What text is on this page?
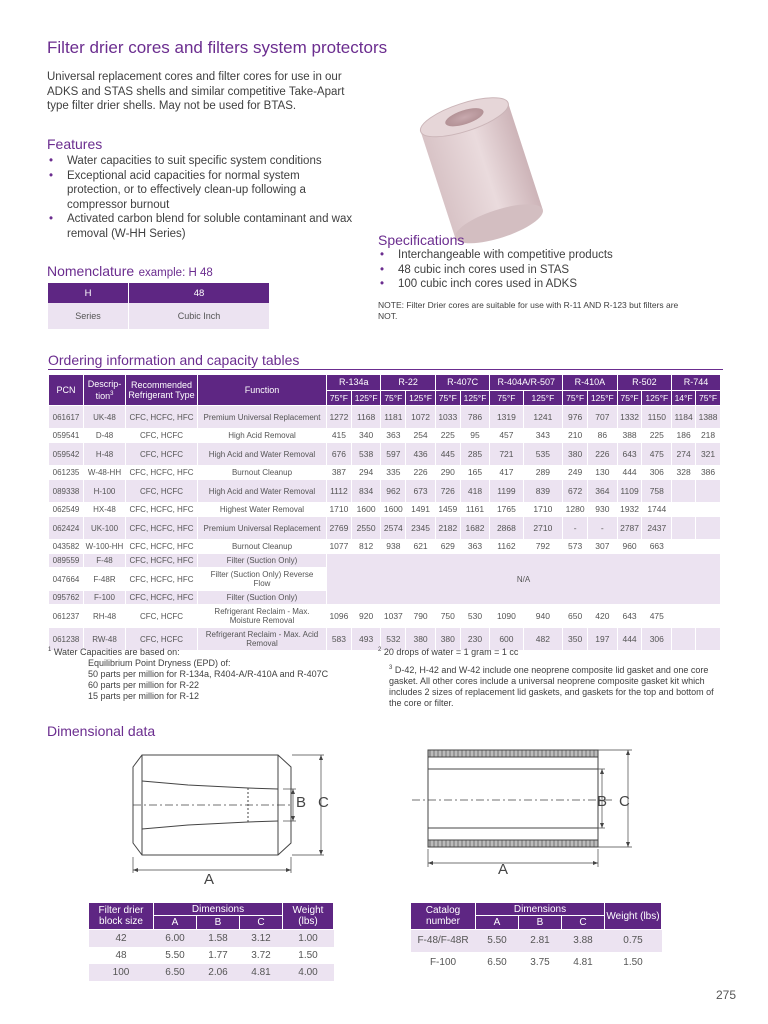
Filter drier cores and filters system protectors
Universal replacement cores and filter cores for use in our ADKS and STAS shells and similar competitive Take-Apart type filter drier shells. May not be used for BTAS.
Features
• Water capacities to suit specific system conditions
• Exceptional acid capacities for normal system protection, or to effectively clean-up following a compressor burnout
• Activated carbon blend for soluble contaminant and wax removal (W-HH Series)	Specifications
• Interchangeable with competitive products
• 48 cubic inch cores used in STAS
• 100 cubic inch cores used in ADKS
NOTE: Filter Drier cores are suitable for use with R-11 AND R-123 but filters are NOT.
Nomenclature example: H 48
H	48
Series	Cubic Inch
Ordering information and capacity tables
PCN	Descrip-tion$^3$	Recommended Refrigerant Type	Function	R-134a		R-22		R-407C		R-404A/R-507		R-410A		R-502		R-744	
				75°F	125°F	75°F	125°F	75°F	125°F	75°F	125°F	75°F	125°F	75°F	125°F	14°F	75°F
061617	UK-48	CFC, HCFC, HFC	Premium Universal Replacement	1272	1168	1181	1072	1033	786	1319	1241	976	707	1332	1150	1184	1388
059541	D-48	CFC, HCFC	High Acid Removal	415	340	363	254	225	95	457	343	210	86	388	225	186	218
059542	H-48	CFC, HCFC	High Acid and Water Removal	676	538	597	436	445	285	721	535	380	226	643	475	274	321
061235	W-48-HH	CFC, HCFC, HFC	Burnout Cleanup	387	294	335	226	290	165	417	289	249	130	444	306	328	386
089338	H-100	CFC, HCFC	High Acid and Water Removal	1112	834	962	673	726	418	1199	839	672	364	1109	758		
062549	HX-48	CFC, HCFC, HFC	Highest Water Removal	1710	1600	1600	1491	1459	1161	1765	1710	1280	930	1932	1744		
062424	UK-100	CFC, HCFC, HFC	Premium Universal Replacement	2769	2550	2574	2345	2182	1682	2868	2710	-	-	2787	2437		
043582	W-100-HH	CFC, HCFC, HFC	Burnout Cleanup	1077	812	938	621	629	363	1162	792	573	307	960	663		
089559	F-48	CFC, HCFC, HFC	Filter (Suction Only)	N/A													
047664	F-48R	CFC, HCFC, HFC	Filter (Suction Only) Reverse Flow														
095762	F-100	CFC, HCFC, HFC	Filter (Suction Only)														
061237	RH-48	CFC, HCFC	Refrigerant Reclaim - Max. Moisture Removal	1096	920	1037	790	750	530	1090	940	650	420	643	475		
061238	RW-48	CFC, HCFC	Refrigerant Reclaim - Max. Acid Removal	583	493	532	380	380	230	600	482	350	197	444	306		
$^1$ Water Capacities are based on:
Equilibrium Point Dryness (EPD) of:
50 parts per million for R-134a, R404-A/R-410A and R-407C
60 parts per million for R-22
15 parts per million for R-12
$^2$ 20 drops of water = 1 gram = 1 cc
$^3$ D-42, H-42 and W-42 include one neoprene composite lid gasket and one core gasket. All other cores include a universal neoprene composite gasket kit which includes 2 sizes of replacement lid gaskets, and gaskets for the top and bottom of the core or filter.
Dimensional data
B C
A
B C
A
Filter drier block size	Dimensions			Weight (lbs)
	A	B	C	
42	6.00	1.58	3.12	1.00
48	5.50	1.77	3.72	1.50
100	6.50	2.06	4.81	4.00
Catalog number	Dimensions			Weight (lbs)
	A	B	C	
F-48/F-48R	5.50	2.81	3.88	0.75
F-100	6.50	3.75	4.81	1.50
275
